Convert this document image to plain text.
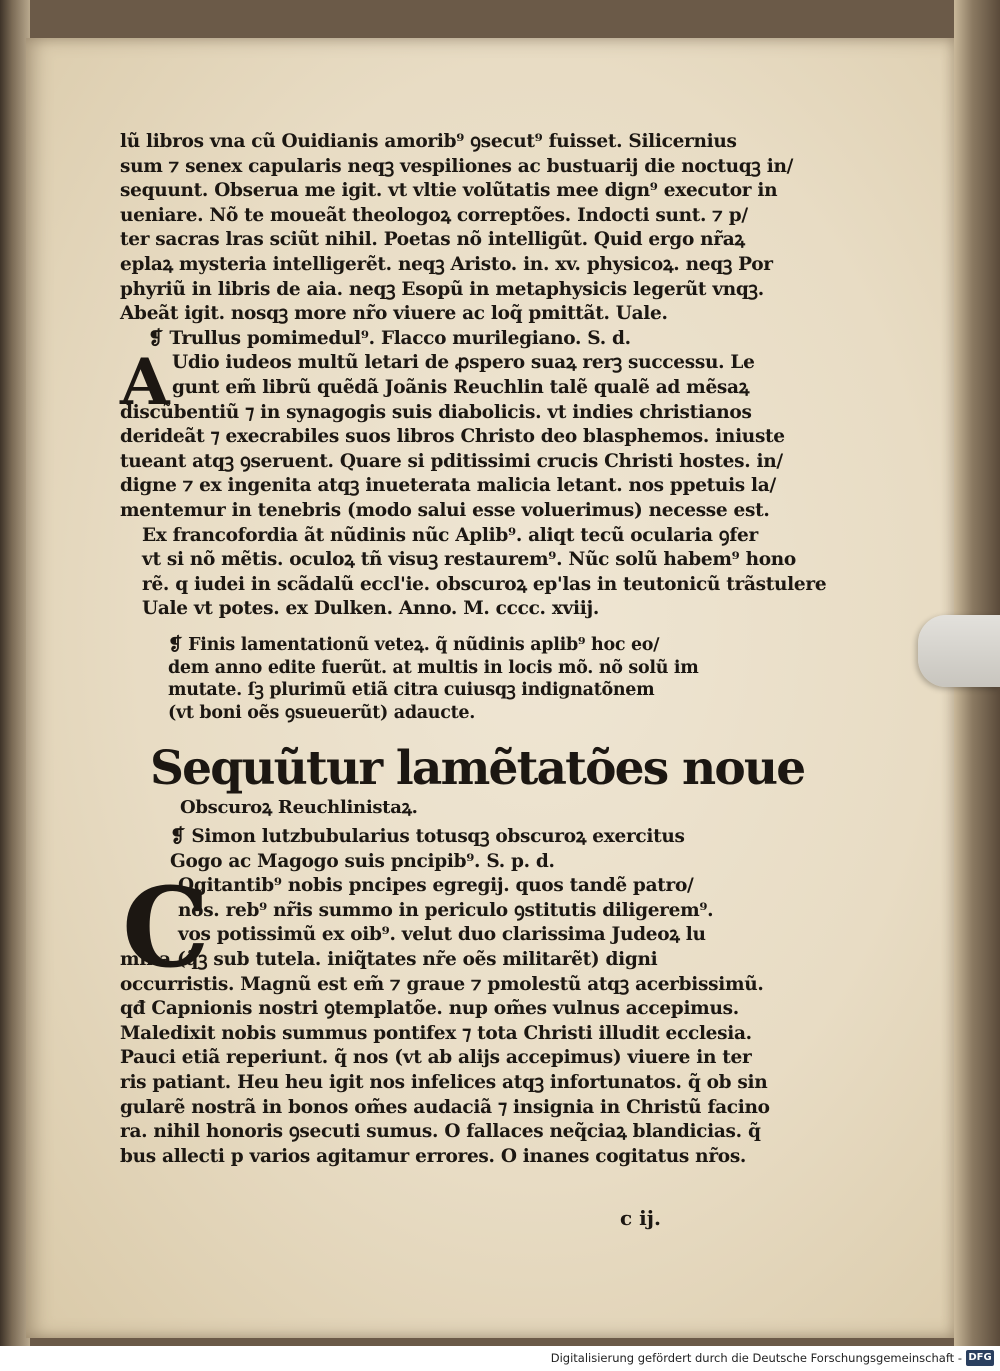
lũ libros vna cũ Ouidianis amorib⁹ ꝯsecut⁹ fuisset. Silicernius
sum ⁊ senex capularis neqꝫ vespiliones ac bustuarij die noctuqꝫ in∕
sequunt. Obserua me igit. vt vltie volũtatis mee dign⁹ executor in
ueniare. Nõ te moueãt theologoꝝ correptões. Indocti sunt. ⁊ p∕
ter sacras lras sciũt nihil. Poetas nõ intelligũt. Quid ergo nr̃aꝝ
eplaꝝ mysteria intelligerẽt. neqꝫ Aristo. in. xv. physicoꝝ. neqꝫ Por
phyriũ in libris de aia. neqꝫ Esopũ in metaphysicis legerũt vnqꝫ.
Abeãt igit. nosqꝫ more nr̃o viuere ac loq̃ pmittãt. Uale.
❡ Trullus pomimedul⁹. Flacco murilegiano. S. d.
A Udio iudeos multũ letari de ꝓspero suaꝝ rerꝫ successu. Le
gunt em̃ librũ quẽdã Joãnis Reuchlin talẽ qualẽ ad mẽsaꝝ
discũbentiũ ⁊ in synagogis suis diabolicis. vt indies christianos
derideãt ⁊ execrabiles suos libros Christo deo blasphemos. iniuste
tueant atqꝫ ꝯseruent. Quare si pditissimi crucis Christi hostes. in∕
digne ⁊ ex ingenita atqꝫ inueterata malicia letant. nos ppetuis la∕
mentemur in tenebris (modo salui esse voluerimus) necesse est.
Ex francofordia ãt nũdinis nũc Aplib⁹. aliqt tecũ ocularia ꝯfer
vt si nõ mẽtis. oculoꝝ tñ visuꝫ restaurem⁹. Nũc solũ habem⁹ hono
rẽ. q iudei in scãdalũ eccl'ie. obscuroꝝ ep'las in teutonicũ trãstulere
Uale vt potes. ex Dulken. Anno. M. cccc. xviij.
❡ Finis lamentationũ veteꝝ. q̃ nũdinis aplib⁹ hoc eo∕
dem anno edite fuerũt. at multis in locis mõ. nõ solũ im
mutate. ſꝫ plurimũ etiã citra cuiusqꝫ indignatõnem
(vt boni oẽs ꝯsueuerũt) adaucte.
Sequũtur lamẽtatões noue
Obscuroꝝ Reuchlinistaꝝ.
❡ Simon lutzbubularius totusqꝫ obscuroꝝ exercitus
Gogo ac Magogo suis pncipib⁹. S. p. d.
C
Ogitantib⁹ nobis pncipes egregij. quos tandẽ patro∕
nos. reb⁹ nr̃is summo in periculo ꝯstitutis diligerem⁹.
vos potissimũ ex oib⁹. velut duo clarissima Judeoꝝ lu
mina (q̃ꝫ sub tutela. iniq̃tates nr̃e oẽs militarẽt) digni
occurristis. Magnũ est em̃ ⁊ graue ⁊ pmolestũ atqꝫ acerbissimũ.
qđ Capnionis nostri ꝯtemplatõe. nup om̃es vulnus accepimus.
Maledixit nobis summus pontifex ⁊ tota Christi illudit ecclesia.
Pauci etiã reperiunt. q̃ nos (vt ab alijs accepimus) viuere in ter
ris patiant. Heu heu igit nos infelices atqꝫ infortunatos. q̃ ob sin
gularẽ nostrã in bonos om̃es audaciã ⁊ insignia in Christũ facino
ra. nihil honoris ꝯsecuti sumus. O fallaces neq̃ciaꝝ blandicias. q̃
bus allecti p varios agitamur errores. O inanes cogitatus nr̃os.
c ij.
Digitalisierung gefördert durch die Deutsche Forschungsgemeinschaft - DFG
